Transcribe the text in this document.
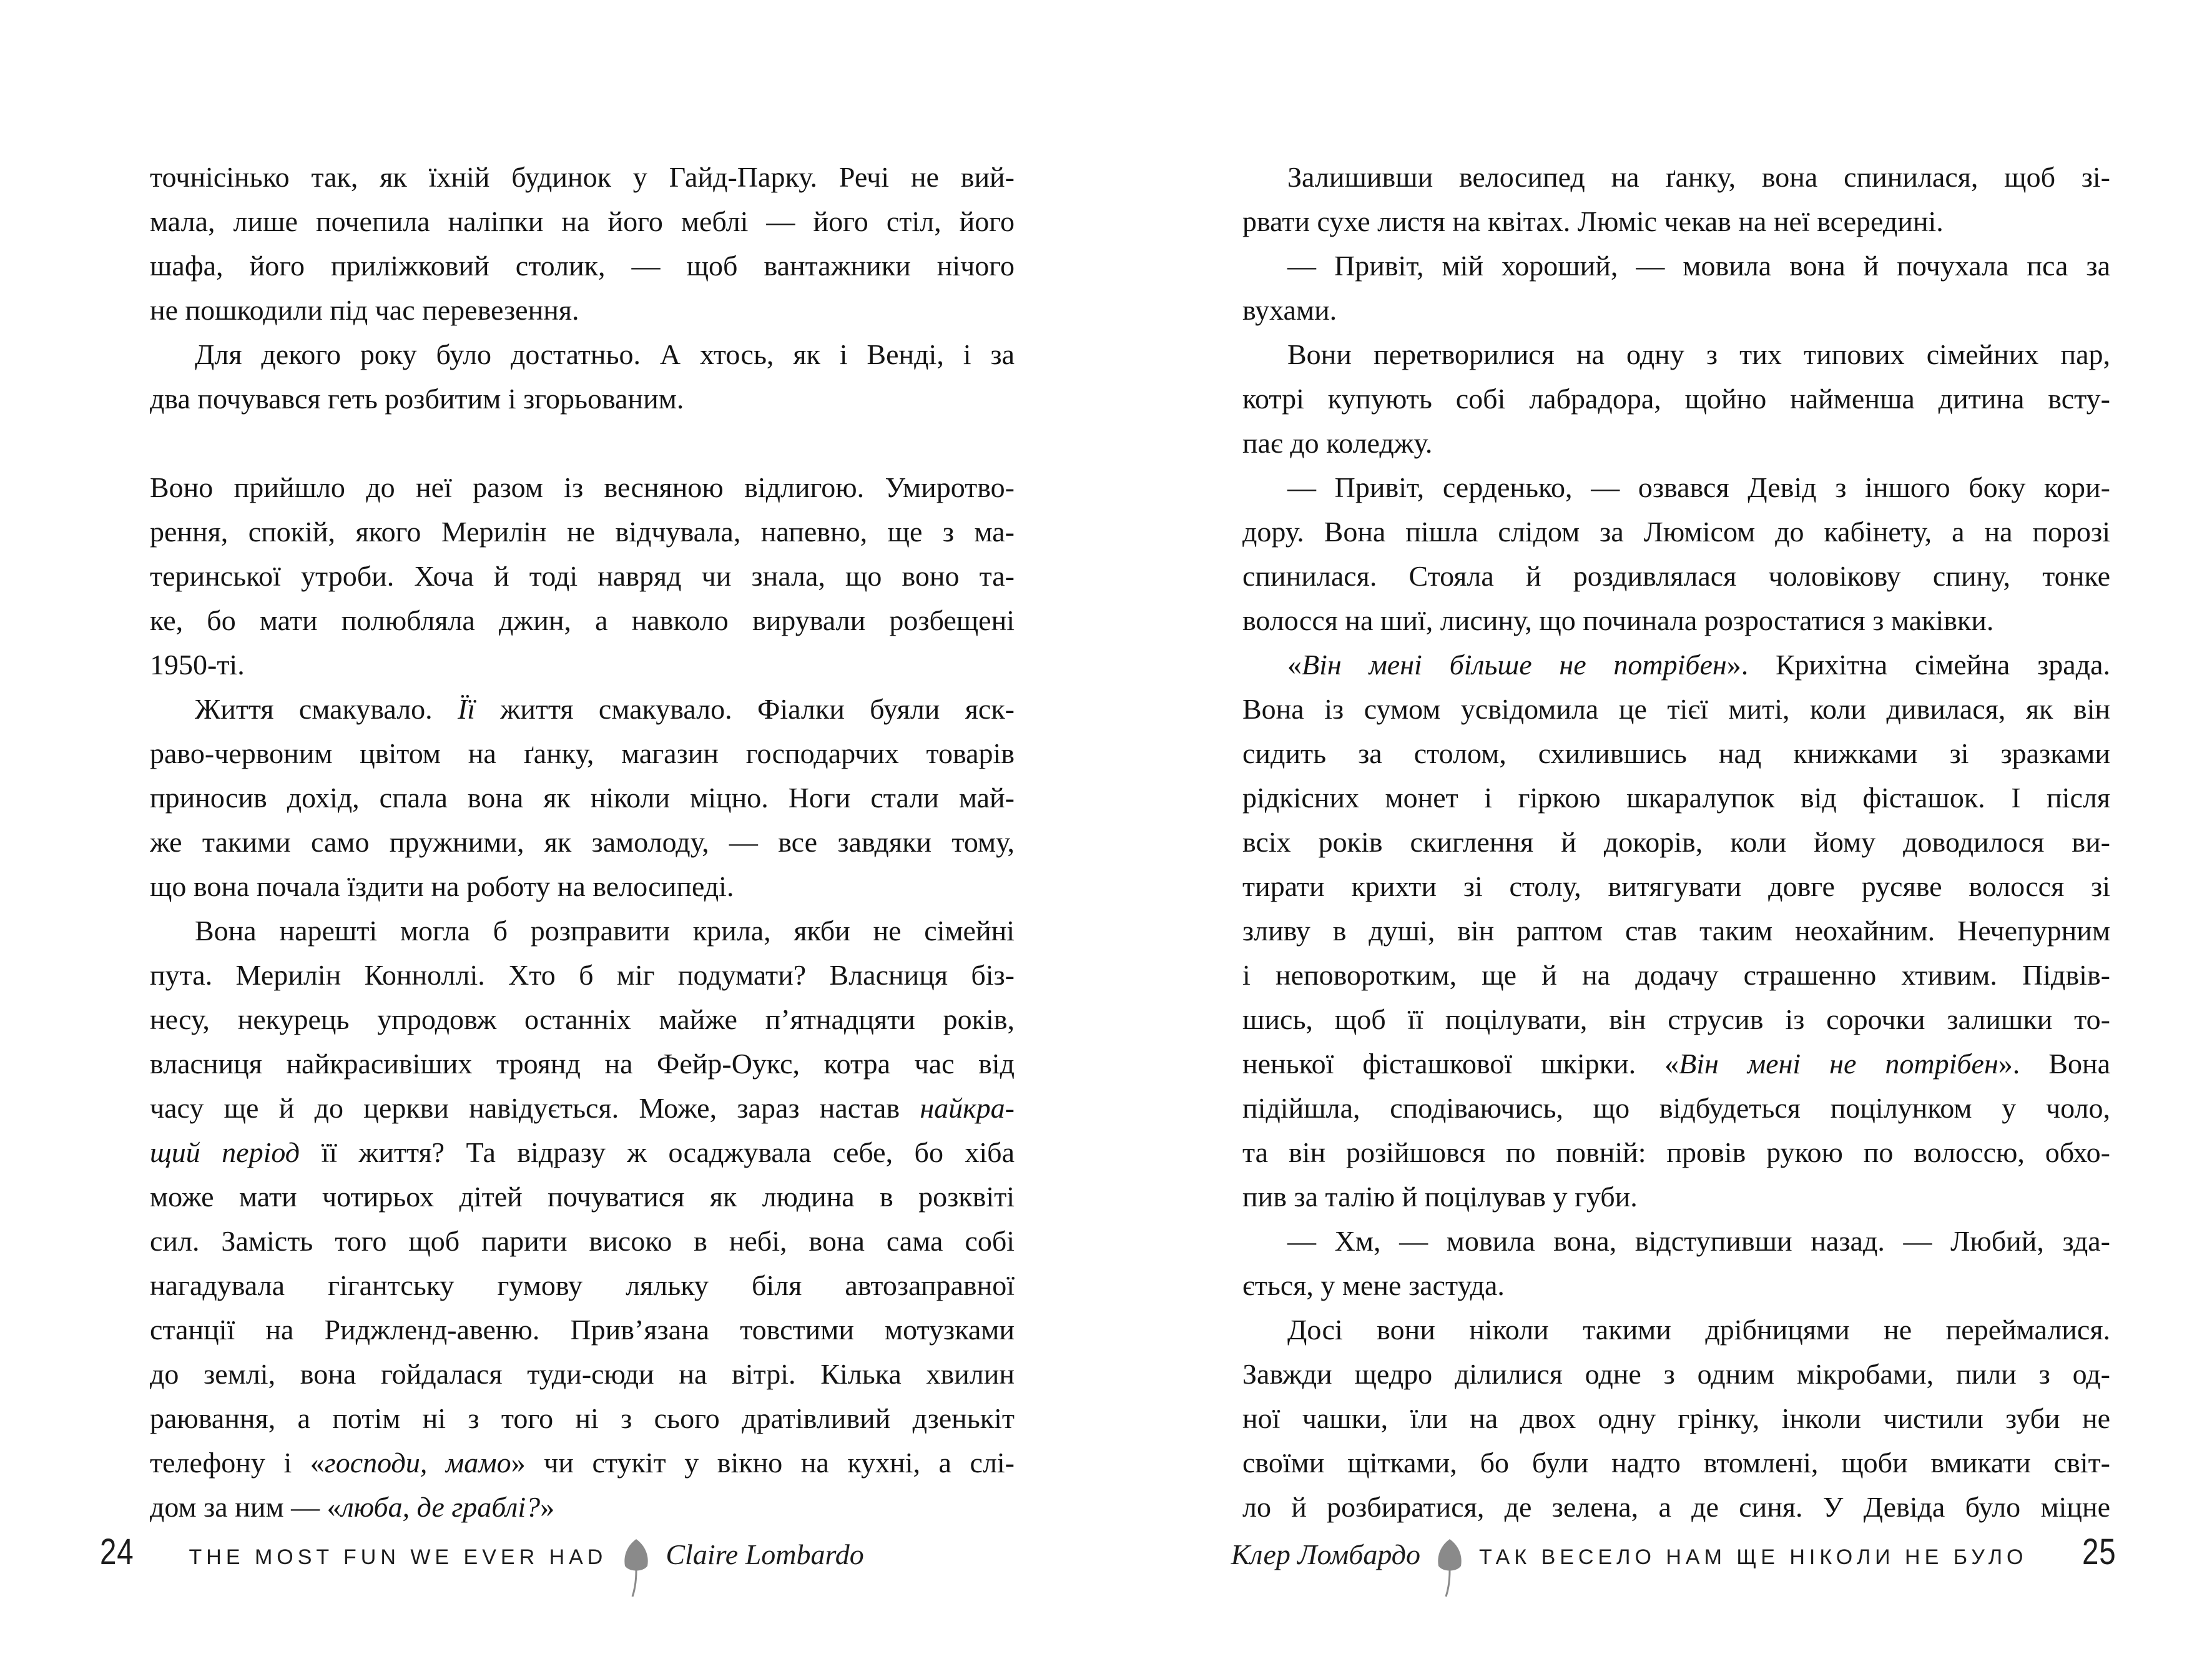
точнісінько так, як їхній будинок у Гайд-Парку. Речі не вий-
мала, лише почепила наліпки на його меблі — його стіл, його
шафа, його приліжковий столик, — щоб вантажники нічого
не пошкодили під час перевезення.
Для декого року було достатньо. А хтось, як і Венді, і за
два почувався геть розбитим і згорьованим.
Воно прийшло до неї разом із весняною відлигою. Умиротво-
рення, спокій, якого Мерилін не відчувала, напевно, ще з ма-
теринської утроби. Хоча й тоді навряд чи знала, що воно та-
ке, бо мати полюбляла джин, а навколо вирували розбещені
1950-ті.
Життя смакувало. Її життя смакувало. Фіалки буяли яск-
раво-червоним цвітом на ґанку, магазин господарчих товарів
приносив дохід, спала вона як ніколи міцно. Ноги стали май-
же такими само пружними, як замолоду, — все завдяки тому,
що вона почала їздити на роботу на велосипеді.
Вона нарешті могла б розправити крила, якби не сімейні
пута. Мерилін Конноллі. Хто б міг подумати? Власниця біз-
несу, некурець упродовж останніх майже п’ятнадцяти років,
власниця найкрасивіших троянд на Фейр-Оукс, котра час від
часу ще й до церкви навідується. Може, зараз настав найкра-
щий період її життя? Та відразу ж осаджувала себе, бо хіба
може мати чотирьох дітей почуватися як людина в розквіті
сил. Замість того щоб парити високо в небі, вона сама собі
нагадувала гігантську гумову ляльку біля автозаправної
станції на Риджленд-авеню. Прив’язана товстими мотузками
до землі, вона гойдалася туди-сюди на вітрі. Кілька хвилин
раювання, а потім ні з того ні з сього дратівливий дзенькіт
телефону і «господи, мамо» чи стукіт у вікно на кухні, а слі-
дом за ним — «люба, де граблі?»
24	THE MOST FUN WE EVER HAD Claire Lombardo
Залишивши велосипед на ґанку, вона спинилася, щоб зі-
рвати сухе листя на квітах. Люміс чекав на неї всередині.
— Привіт, мій хороший, — мовила вона й почухала пса за
вухами.
Вони перетворилися на одну з тих типових сімейних пар,
котрі купують собі лабрадора, щойно найменша дитина всту-
пає до коледжу.
— Привіт, серденько, — озвався Девід з іншого боку кори-
дору. Вона пішла слідом за Люмісом до кабінету, а на порозі
спинилася. Стояла й роздивлялася чоловікову спину, тонке
волосся на шиї, лисину, що починала розростатися з маківки.
«Він мені більше не потрібен». Крихітна сімейна зрада.
Вона із сумом усвідомила це тієї миті, коли дивилася, як він
сидить за столом, схилившись над книжками зі зразками
рідкісних монет і гіркою шкаралупок від фісташок. І після
всіх років скиглення й докорів, коли йому доводилося ви-
тирати крихти зі столу, витягувати довге русяве волосся зі
зливу в душі, він раптом став таким неохайним. Нечепурним
і неповоротким, ще й на додачу страшенно хтивим. Підвів-
шись, щоб її поцілувати, він струсив із сорочки залишки то-
ненької фісташкової шкірки. «Він мені не потрібен». Вона
підійшла, сподіваючись, що відбудеться поцілунком у чоло,
та він розійшовся по повній: провів рукою по волоссю, обхо-
пив за талію й поцілував у губи.
— Хм, — мовила вона, відступивши назад. — Любий, зда-
ється, у мене застуда.
Досі вони ніколи такими дрібницями не переймалися.
Завжди щедро ділилися одне з одним мікробами, пили з од-
ної чашки, їли на двох одну грінку, інколи чистили зуби не
своїми щітками, бо були надто втомлені, щоби вмикати світ-
ло й розбиратися, де зелена, а де синя. У Девіда було міцне
Клер Ломбардо	ТАК ВЕСЕЛО НАМ ЩЕ НІКОЛИ НЕ БУЛО 25
